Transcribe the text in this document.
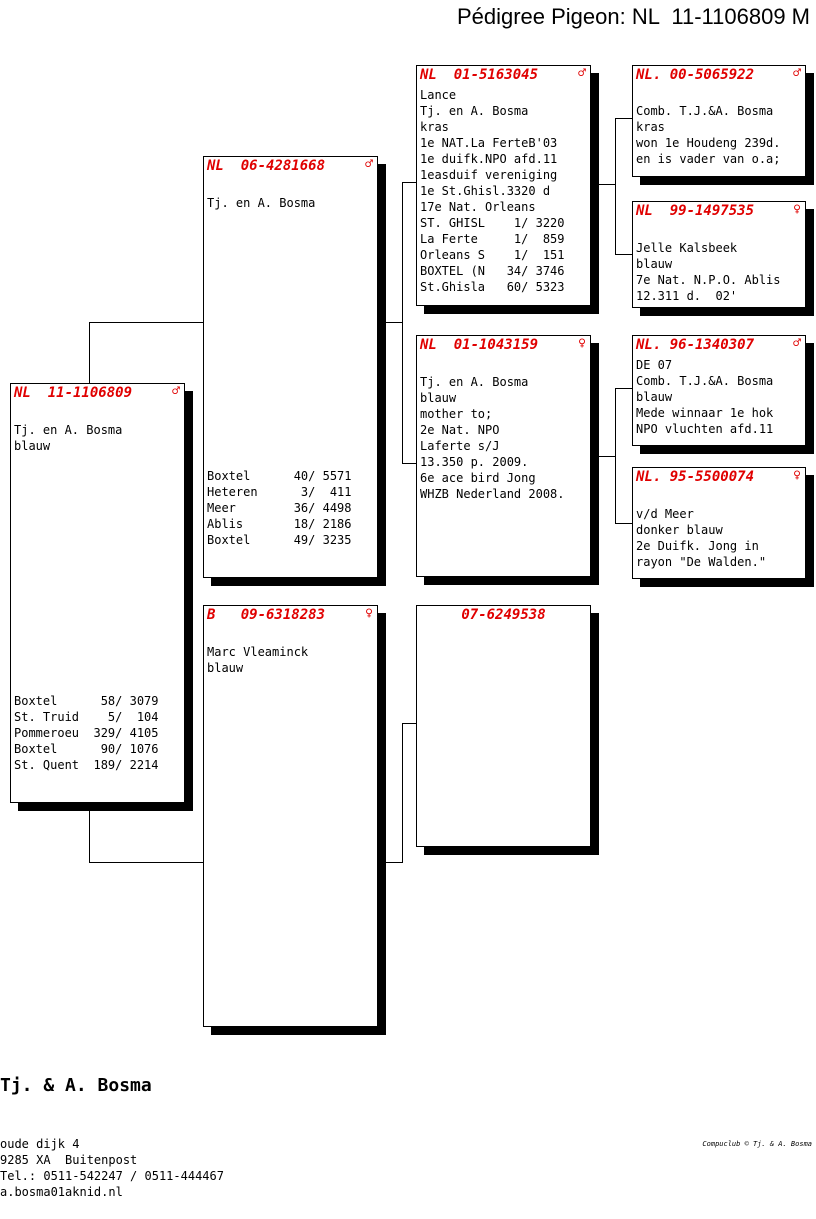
Pédigree Pigeon: NL  11-1106809 M
NL  11-1106809	♂
Tj. en A. Bosma
blauw
Boxtel      58/ 3079
St. Truid    5/  104
Pommeroeu  329/ 4105
Boxtel      90/ 1076
St. Quent  189/ 2214
NL  06-4281668	♂
Tj. en A. Bosma
Boxtel      40/ 5571
Heteren      3/  411
Meer        36/ 4498
Ablis       18/ 2186
Boxtel      49/ 3235
B   09-6318283	♀
Marc Vleaminck
blauw
NL  01-5163045	♂
Lance
Tj. en A. Bosma
kras
1e NAT.La FerteB'03
1e duifk.NPO afd.11
1easduif vereniging
1e St.Ghisl.3320 d
17e Nat. Orleans
ST. GHISL    1/ 3220
La Ferte     1/  859
Orleans S    1/  151
BOXTEL (N   34/ 3746
St.Ghisla   60/ 5323
NL  01-1043159	♀

Tj. en A. Bosma
blauw
mother to;
2e Nat. NPO
Laferte s/J
13.350 p. 2009.
6e ace bird Jong
WHZB Nederland 2008.
07-6249538
NL. 00-5065922	♂

Comb. T.J.&A. Bosma
kras
won 1e Houdeng 239d.
en is vader van o.a;
NL  99-1497535	♀

Jelle Kalsbeek
blauw
7e Nat. N.P.O. Ablis
12.311 d.  02'
NL. 96-1340307	♂
DE 07
Comb. T.J.&A. Bosma
blauw
Mede winnaar 1e hok
NPO vluchten afd.11
NL. 95-5500074	♀

v/d Meer
donker blauw
2e Duifk. Jong in
rayon "De Walden."

Tj. & A. Bosma

oude dijk 4
9285 XA  Buitenpost
Tel.: 0511-542247 / 0511-444467
a.bosma01aknid.nl

Compuclub © Tj. & A. Bosma
